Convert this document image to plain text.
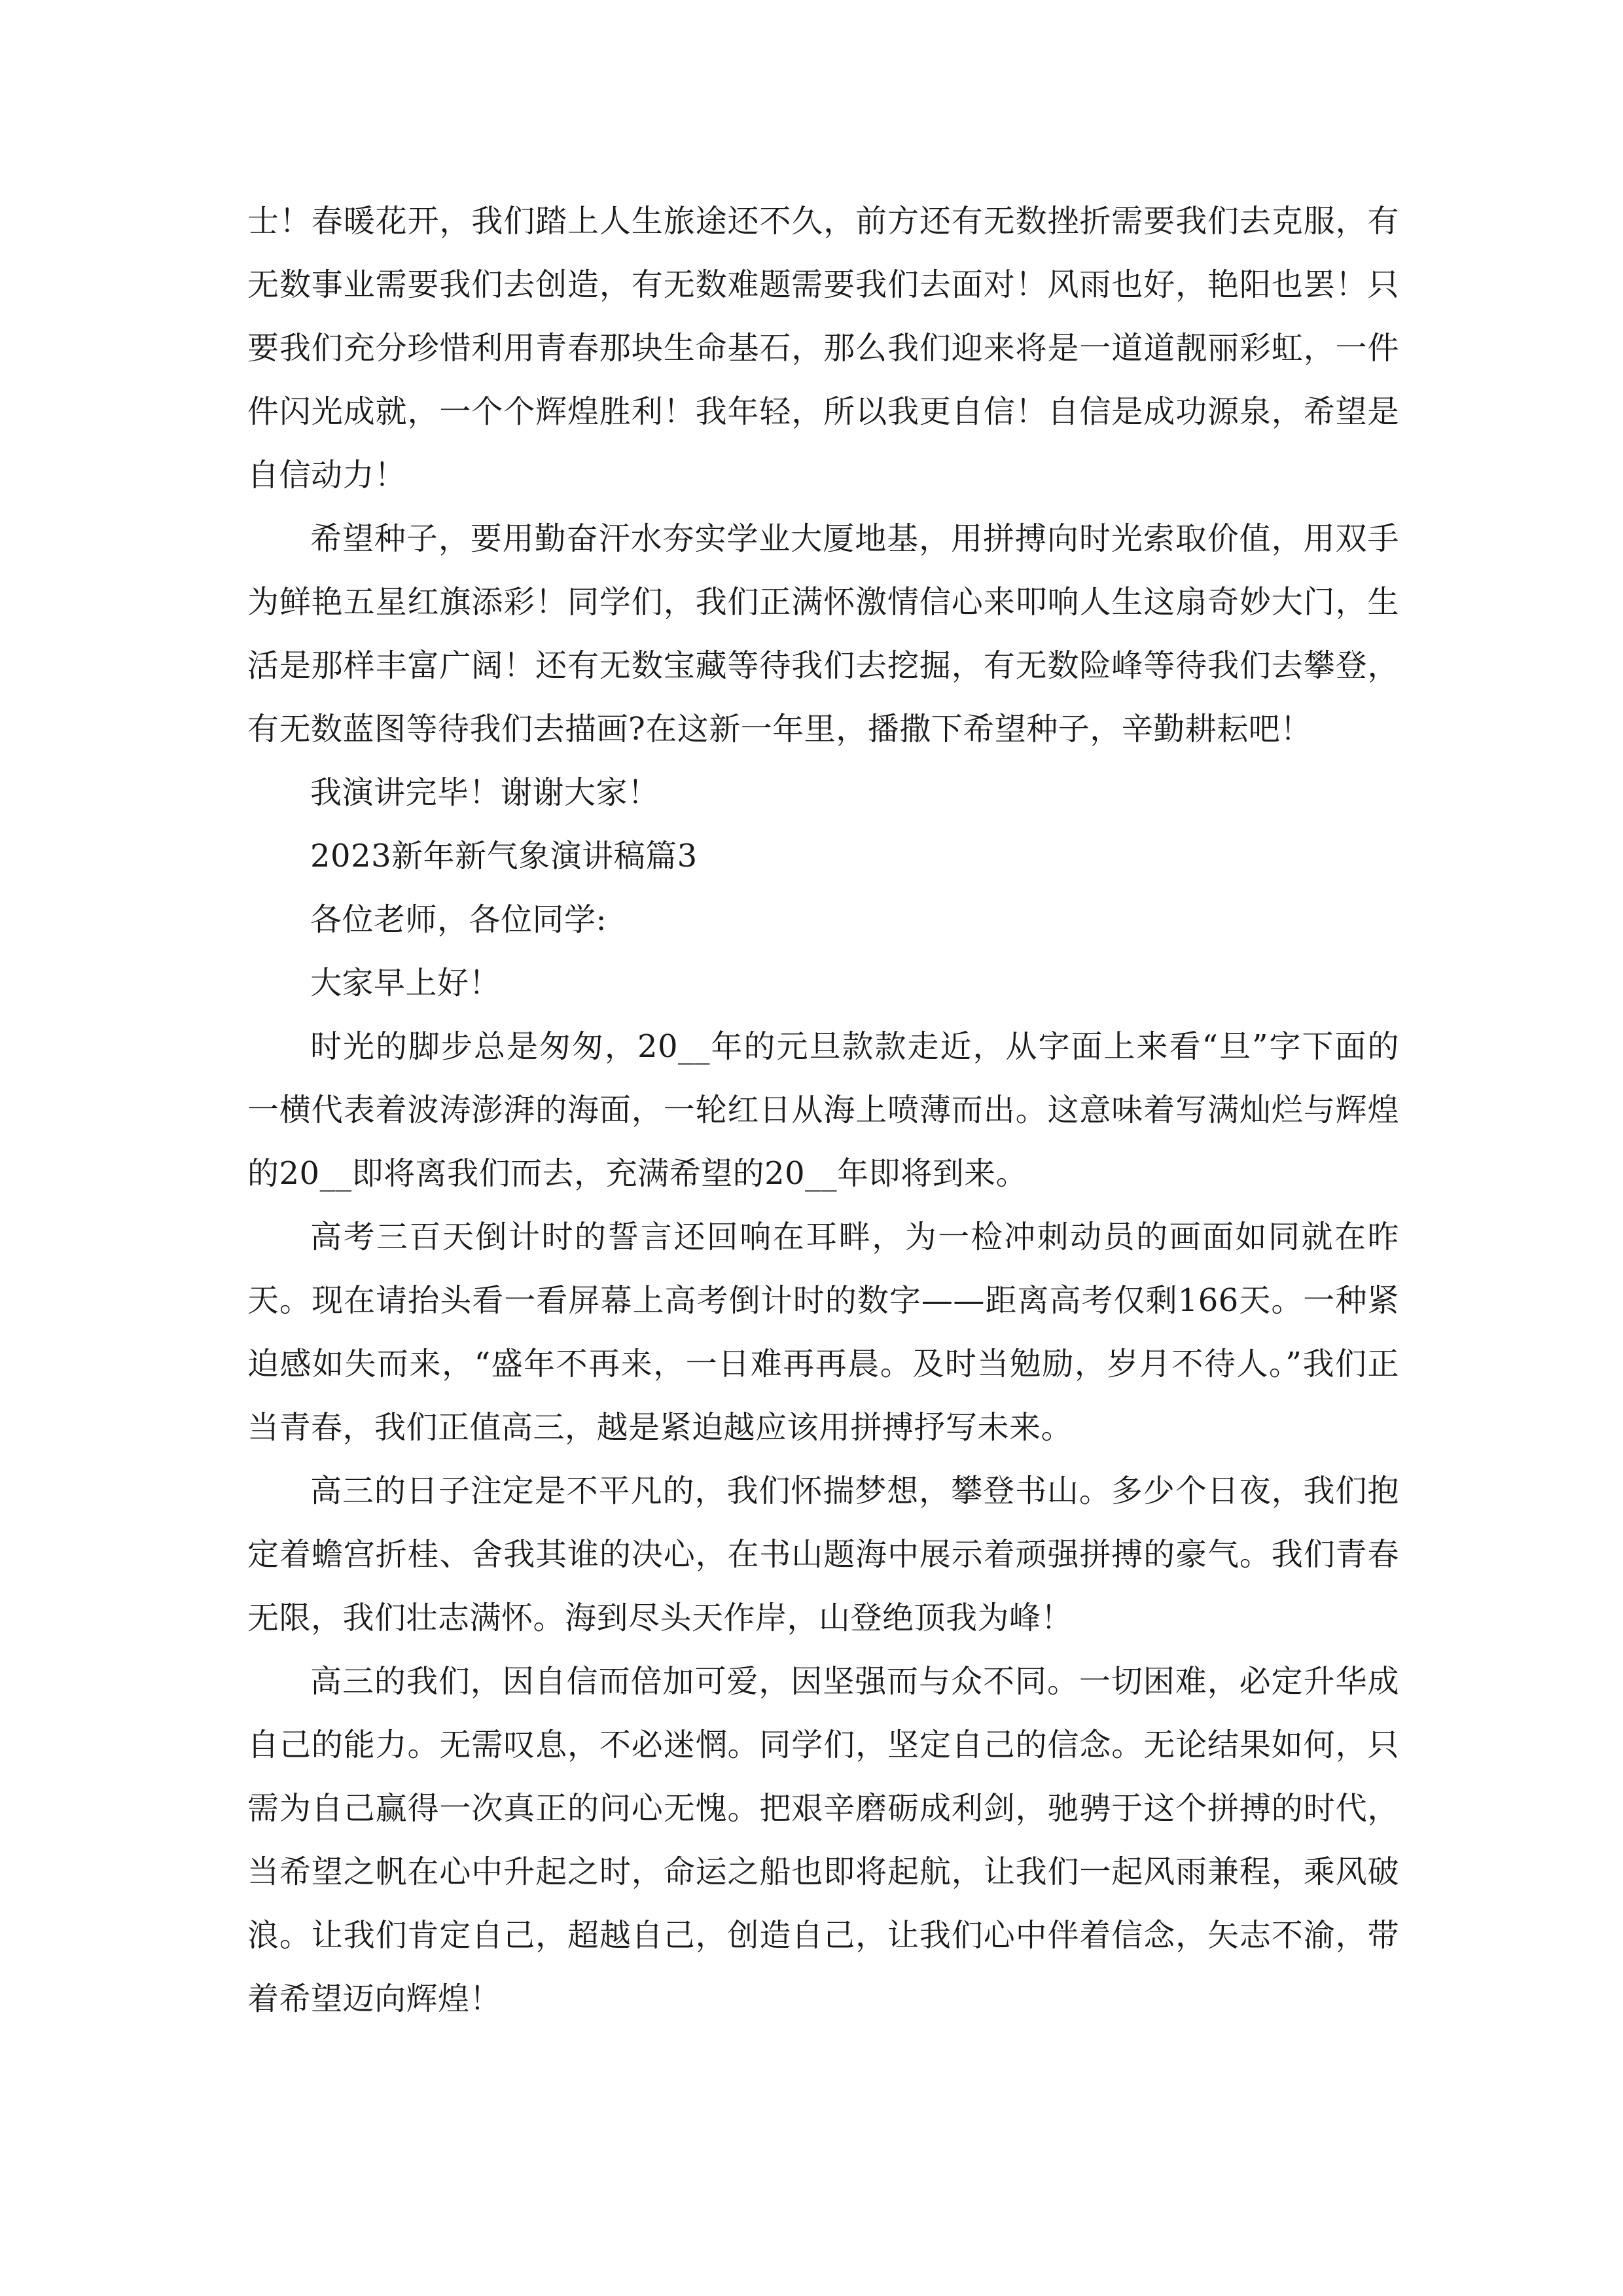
士！春暖花开，我们踏上人生旅途还不久，前方还有无数挫折需要我们去克服，有无数事业需要我们去创造，有无数难题需要我们去面对！风雨也好，艳阳也罢！只要我们充分珍惜利用青春那块生命基石，那么我们迎来将是一道道靓丽彩虹，一件件闪光成就，一个个辉煌胜利！我年轻，所以我更自信！自信是成功源泉，希望是自信动力！

希望种子，要用勤奋汗水夯实学业大厦地基，用拼搏向时光索取价值，用双手为鲜艳五星红旗添彩！同学们，我们正满怀激情信心来叩响人生这扇奇妙大门，生活是那样丰富广阔！还有无数宝藏等待我们去挖掘，有无数险峰等待我们去攀登，有无数蓝图等待我们去描画?在这新一年里，播撒下希望种子，辛勤耕耘吧！

我演讲完毕！谢谢大家！

2023新年新气象演讲稿篇3

各位老师，各位同学:

大家早上好！

时光的脚步总是匆匆，20__年的元旦款款走近，从字面上来看“旦”字下面的一横代表着波涛澎湃的海面，一轮红日从海上喷薄而出。这意味着写满灿烂与辉煌的20__即将离我们而去，充满希望的20__年即将到来。

高考三百天倒计时的誓言还回响在耳畔，为一检冲刺动员的画面如同就在昨天。现在请抬头看一看屏幕上高考倒计时的数字——距离高考仅剩166天。一种紧迫感如失而来，“盛年不再来，一日难再再晨。及时当勉励，岁月不待人。”我们正当青春，我们正值高三，越是紧迫越应该用拼搏抒写未来。

高三的日子注定是不平凡的，我们怀揣梦想，攀登书山。多少个日夜，我们抱定着蟾宫折桂、舍我其谁的决心，在书山题海中展示着顽强拼搏的豪气。我们青春无限，我们壮志满怀。海到尽头天作岸，山登绝顶我为峰！

高三的我们，因自信而倍加可爱，因坚强而与众不同。一切困难，必定升华成自己的能力。无需叹息，不必迷惘。同学们，坚定自己的信念。无论结果如何，只需为自己赢得一次真正的问心无愧。把艰辛磨砺成利剑，驰骋于这个拼搏的时代，当希望之帆在心中升起之时，命运之船也即将起航，让我们一起风雨兼程，乘风破浪。让我们肯定自己，超越自己，创造自己，让我们心中伴着信念，矢志不渝，带着希望迈向辉煌！
